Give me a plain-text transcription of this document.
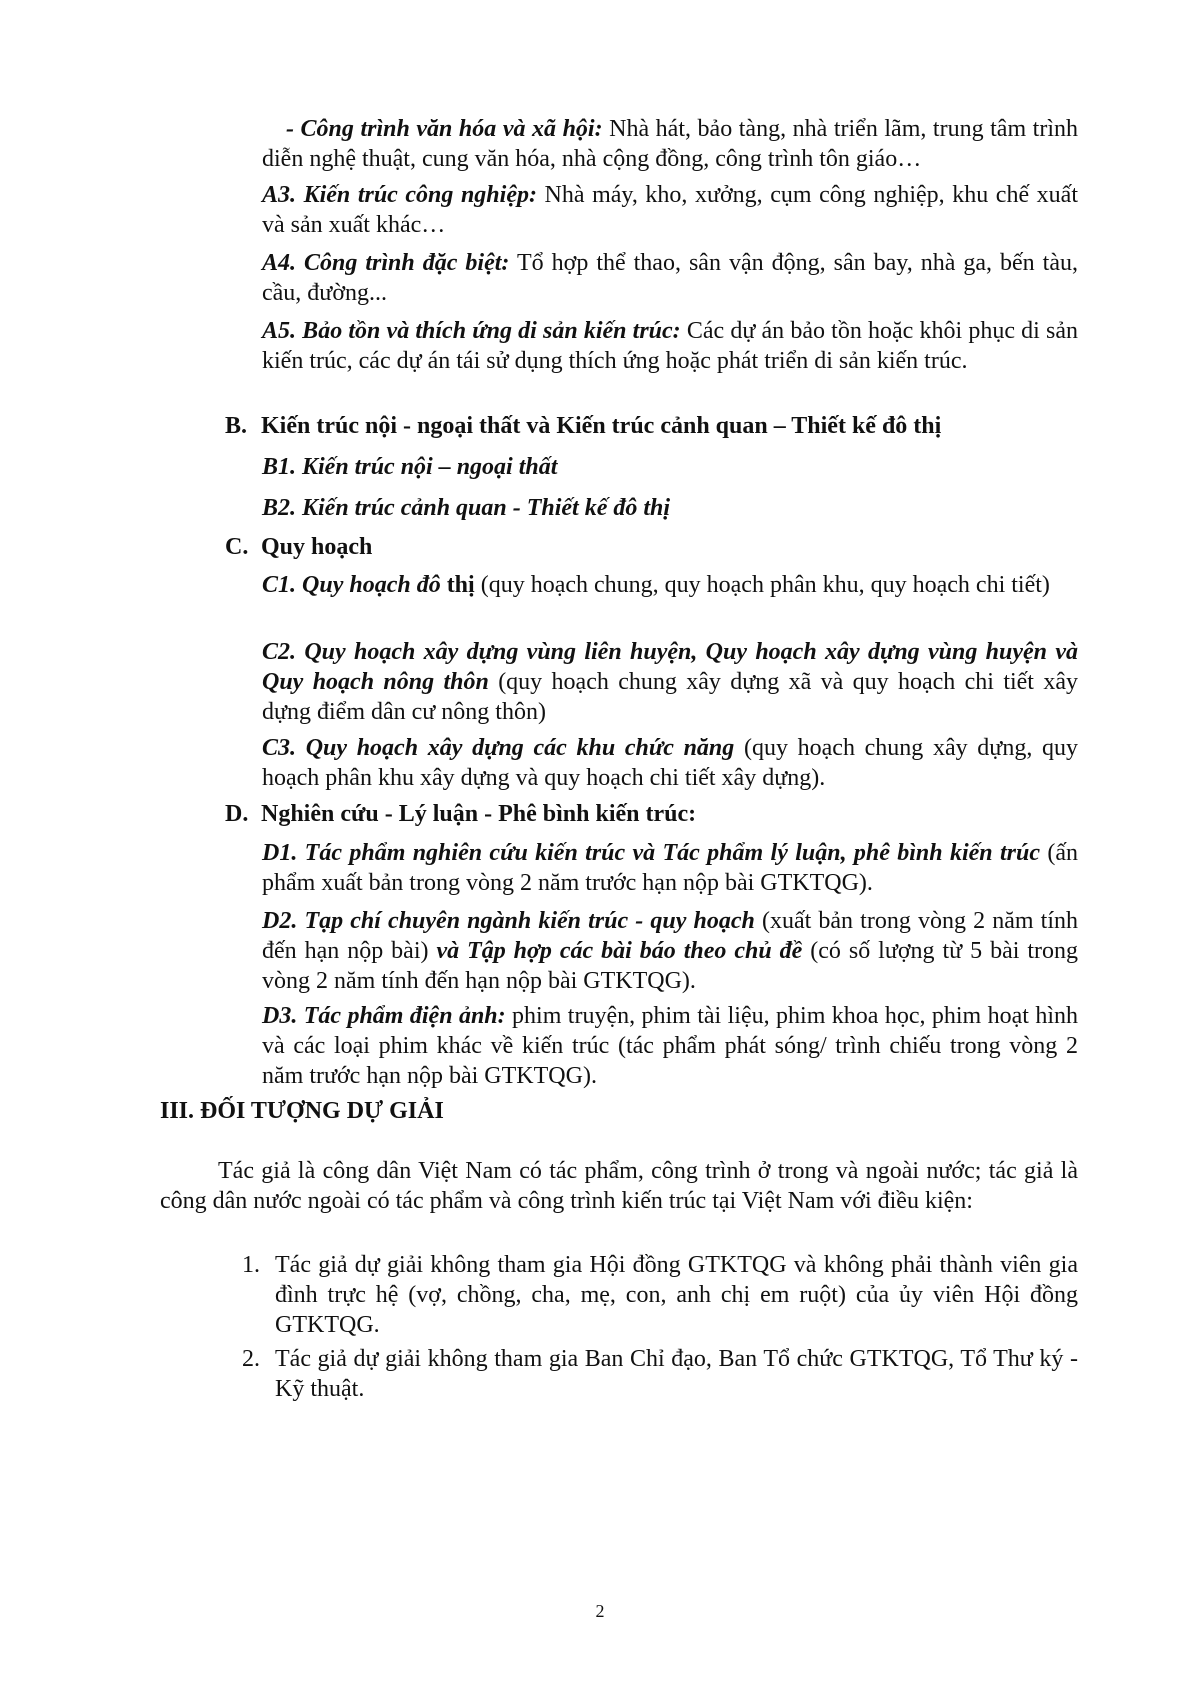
- Công trình văn hóa và xã hội: Nhà hát, bảo tàng, nhà triển lãm, trung tâm trình diễn nghệ thuật, cung văn hóa, nhà cộng đồng, công trình tôn giáo…

A3. Kiến trúc công nghiệp: Nhà máy, kho, xưởng, cụm công nghiệp, khu chế xuất và sản xuất khác…

A4. Công trình đặc biệt: Tổ hợp thể thao, sân vận động, sân bay, nhà ga, bến tàu, cầu, đường...

A5. Bảo tồn và thích ứng di sản kiến trúc: Các dự án bảo tồn hoặc khôi phục di sản kiến trúc, các dự án tái sử dụng thích ứng hoặc phát triển di sản kiến trúc.

B. Kiến trúc nội - ngoại thất và Kiến trúc cảnh quan – Thiết kế đô thị

B1. Kiến trúc nội – ngoại thất

B2. Kiến trúc cảnh quan - Thiết kế đô thị

C. Quy hoạch

C1. Quy hoạch đô thị (quy hoạch chung, quy hoạch phân khu, quy hoạch chi tiết)

C2. Quy hoạch xây dựng vùng liên huyện, Quy hoạch xây dựng vùng huyện và Quy hoạch nông thôn (quy hoạch chung xây dựng xã và quy hoạch chi tiết xây dựng điểm dân cư nông thôn)

C3. Quy hoạch xây dựng các khu chức năng (quy hoạch chung xây dựng, quy hoạch phân khu xây dựng và quy hoạch chi tiết xây dựng).

D. Nghiên cứu - Lý luận - Phê bình kiến trúc:

D1. Tác phẩm nghiên cứu kiến trúc và Tác phẩm lý luận, phê bình kiến trúc (ấn phẩm xuất bản trong vòng 2 năm trước hạn nộp bài GTKTQG).

D2. Tạp chí chuyên ngành kiến trúc - quy hoạch (xuất bản trong vòng 2 năm tính đến hạn nộp bài) và Tập hợp các bài báo theo chủ đề (có số lượng từ 5 bài trong vòng 2 năm tính đến hạn nộp bài GTKTQG).

D3. Tác phẩm điện ảnh: phim truyện, phim tài liệu, phim khoa học, phim hoạt hình và các loại phim khác về kiến trúc (tác phẩm phát sóng/ trình chiếu trong vòng 2 năm trước hạn nộp bài GTKTQG).

III. ĐỐI TƯỢNG DỰ GIẢI

Tác giả là công dân Việt Nam có tác phẩm, công trình ở trong và ngoài nước; tác giả là công dân nước ngoài có tác phẩm và công trình kiến trúc tại Việt Nam với điều kiện:

1. Tác giả dự giải không tham gia Hội đồng GTKTQG và không phải thành viên gia đình trực hệ (vợ, chồng, cha, mẹ, con, anh chị em ruột) của ủy viên Hội đồng GTKTQG.
2. Tác giả dự giải không tham gia Ban Chỉ đạo, Ban Tổ chức GTKTQG, Tổ Thư ký - Kỹ thuật.
2
